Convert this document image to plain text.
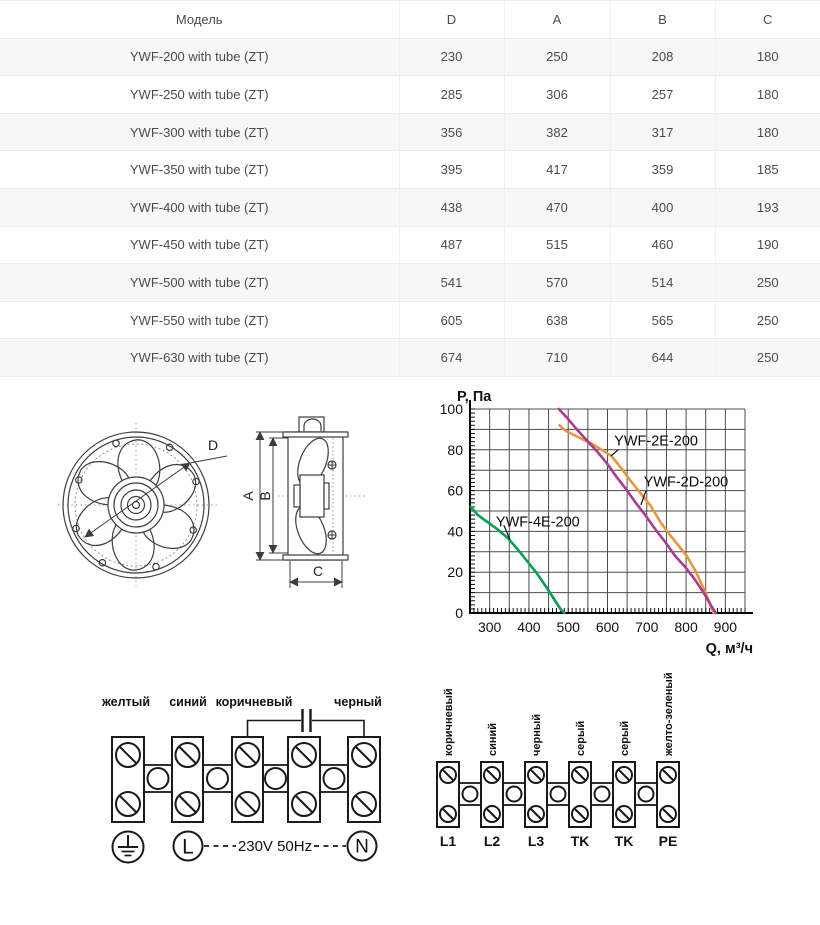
Модель	D	A	B	C
YWF-200 with tube (ZT)	230	250	208	180
YWF-250 with tube (ZT)	285	306	257	180
YWF-300 with tube (ZT)	356	382	317	180
YWF-350 with tube (ZT)	395	417	359	185
YWF-400 with tube (ZT)	438	470	400	193
YWF-450 with tube (ZT)	487	515	460	190
YWF-500 with tube (ZT)	541	570	514	250
YWF-550 with tube (ZT)	605	638	565	250
YWF-630 with tube (ZT)	674	710	644	250
D
A B
C
0
20
40
60
80
100
300 400 500 600 700 800 900
P, Па
Q, м³/ч
YWF-4E-200
YWF-2E-200
YWF-2D-200
желтый синий коричневый	черный
L	230V 50Hz N
коричневый	синий	черный	серый	серый	желто-зеленый
L1 L2 L3 TK TK PE
